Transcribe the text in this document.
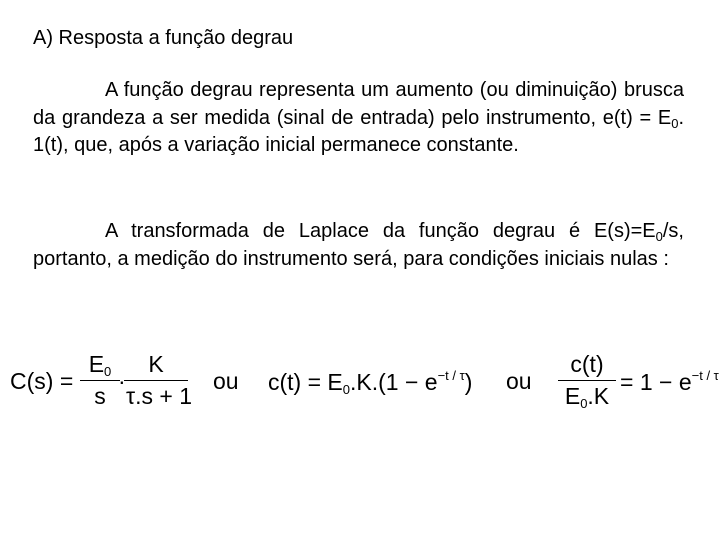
A) Resposta a função degrau

A função degrau representa um aumento (ou diminuição) brusca da grandeza a ser medida (sinal de entrada) pelo instrumento, $e(t) = E_0$. 1(t), que, após a variação inicial permanece constante.

A transformada de Laplace da função degrau é $E(s)=E_0/s$, portanto, a medição do instrumento será, para condições iniciais nulas :

C(s) =
$E_0$
s
·
K
τ.s + 1
ou $c(t) = E_0.K.(1 - e^{-t / \tau})$ ou
c(t)
$E_0.K$
= $1 - e^{-t / \tau}$
